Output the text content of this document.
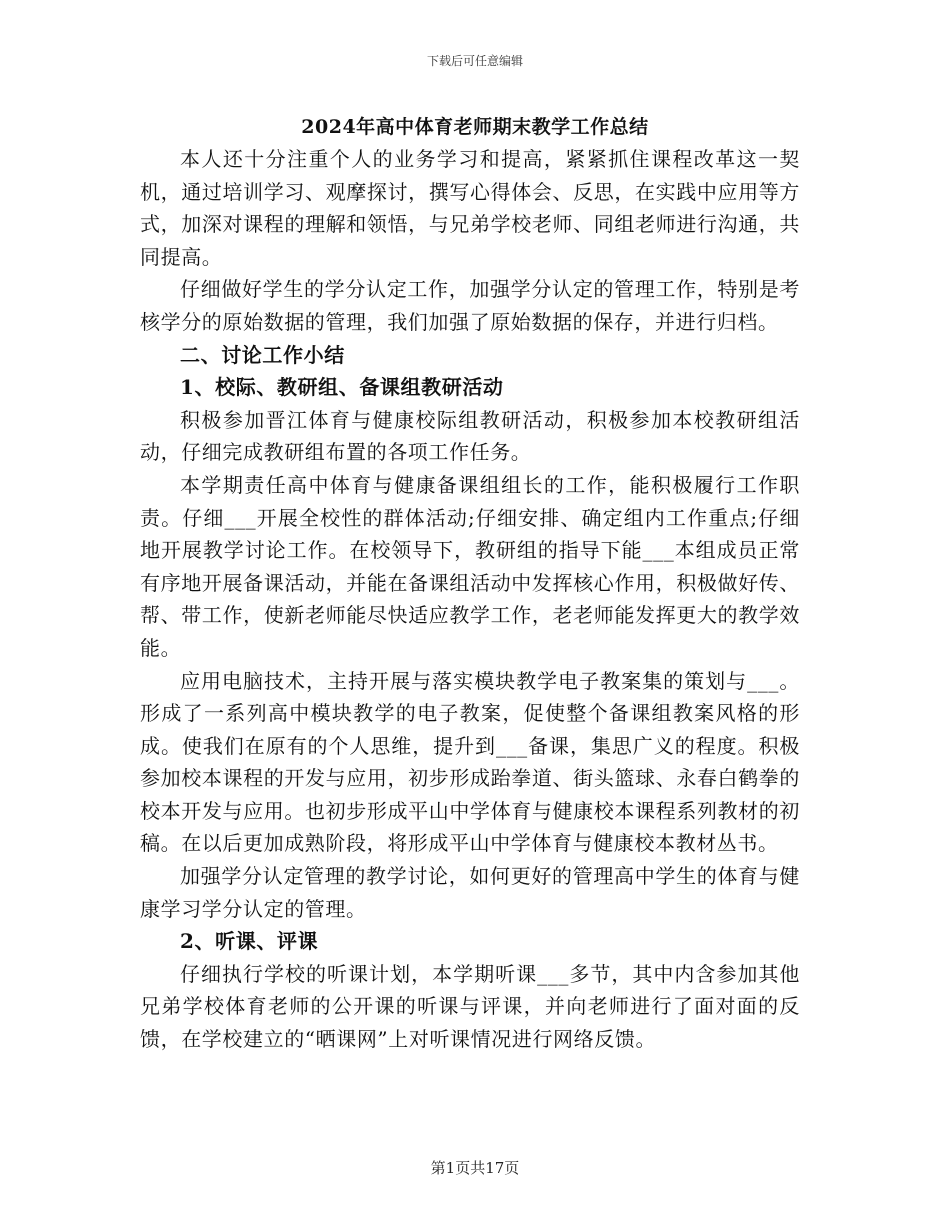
下载后可任意编辑
2024年高中体育老师期末教学工作总结

本人还十分注重个人的业务学习和提高，紧紧抓住课程改革这一契机，通过培训学习、观摩探讨，撰写心得体会、反思，在实践中应用等方式，加深对课程的理解和领悟，与兄弟学校老师、同组老师进行沟通，共同提高。

仔细做好学生的学分认定工作，加强学分认定的管理工作，特别是考核学分的原始数据的管理，我们加强了原始数据的保存，并进行归档。

二、讨论工作小结

1、校际、教研组、备课组教研活动

积极参加晋江体育与健康校际组教研活动，积极参加本校教研组活动，仔细完成教研组布置的各项工作任务。

本学期责任高中体育与健康备课组组长的工作，能积极履行工作职责。仔细___开展全校性的群体活动;仔细安排、确定组内工作重点;仔细地开展教学讨论工作。在校领导下，教研组的指导下能___本组成员正常有序地开展备课活动，并能在备课组活动中发挥核心作用，积极做好传、帮、带工作，使新老师能尽快适应教学工作，老老师能发挥更大的教学效能。

应用电脑技术，主持开展与落实模块教学电子教案集的策划与___。形成了一系列高中模块教学的电子教案，促使整个备课组教案风格的形成。使我们在原有的个人思维，提升到___备课，集思广义的程度。积极参加校本课程的开发与应用，初步形成跆拳道、街头篮球、永春白鹤拳的校本开发与应用。也初步形成平山中学体育与健康校本课程系列教材的初稿。在以后更加成熟阶段，将形成平山中学体育与健康校本教材丛书。

加强学分认定管理的教学讨论，如何更好的管理高中学生的体育与健康学习学分认定的管理。

2、听课、评课

仔细执行学校的听课计划，本学期听课___多节，其中内含参加其他兄弟学校体育老师的公开课的听课与评课，并向老师进行了面对面的反馈，在学校建立的“晒课网”上对听课情况进行网络反馈。

第1页共17页
